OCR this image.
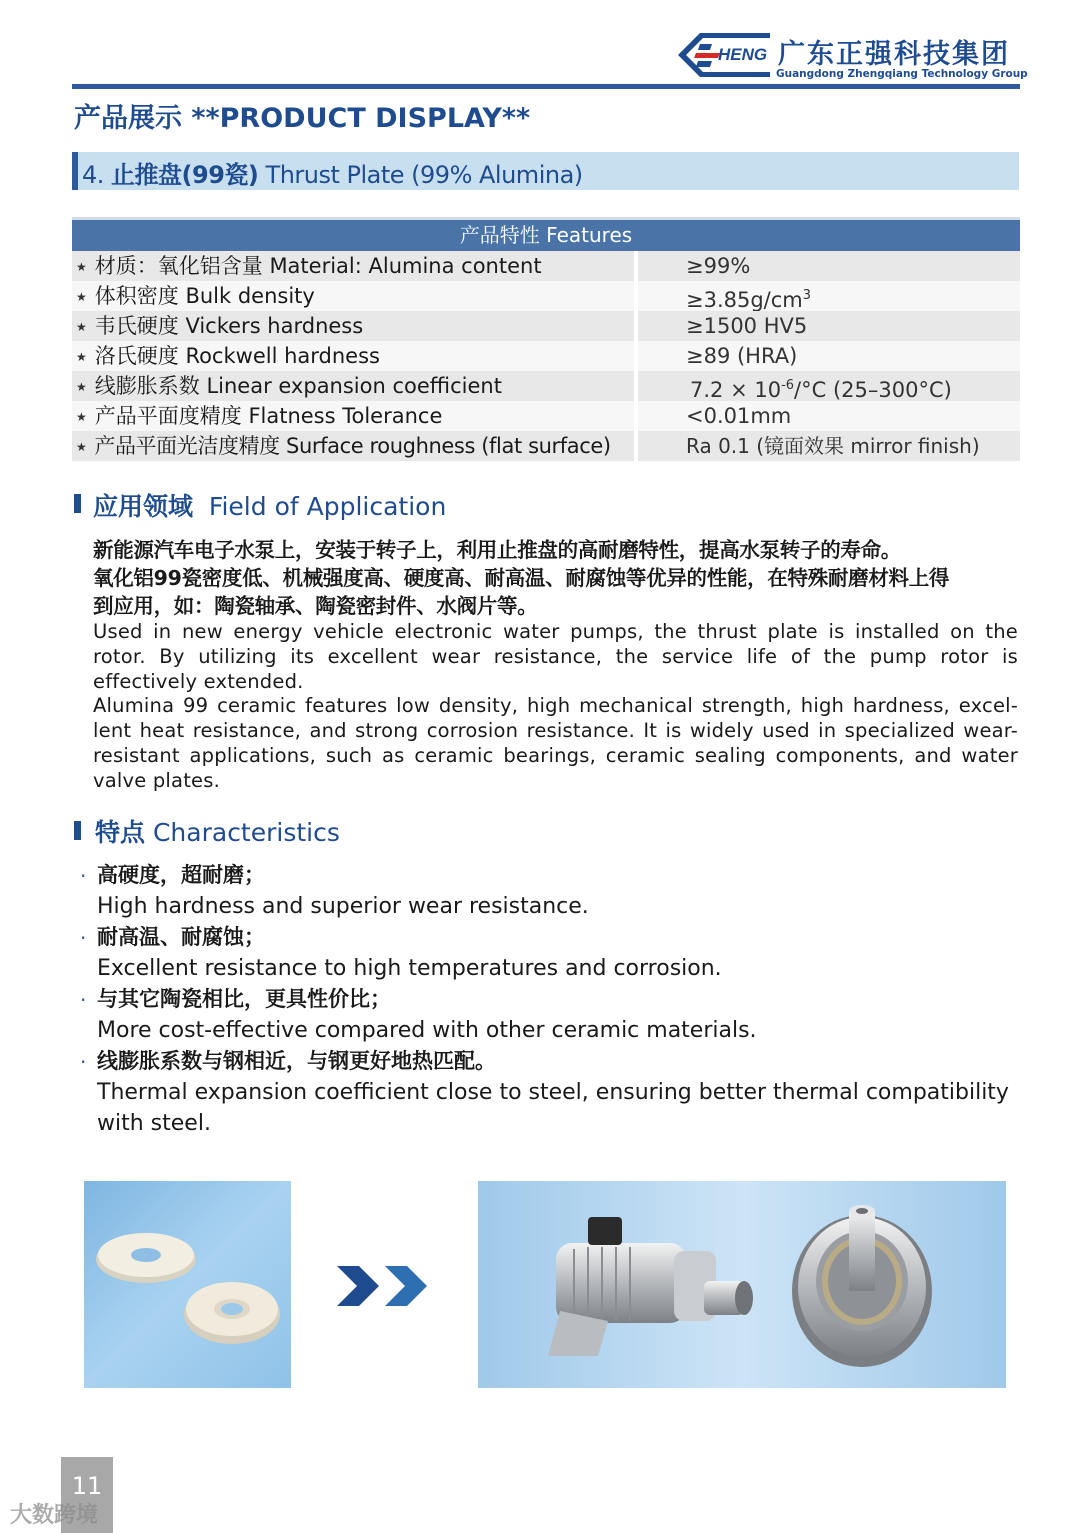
HENG 广东正强科技集团
Guangdong Zhengqiang Technology Group
产品展示 **PRODUCT DISPLAY**
4. 止推盘(99瓷) Thrust Plate (99% Alumina)
产品特性 Features
★ 材质：氧化铝含量 Material: Alumina content	≥99%
★ 体积密度 Bulk density	$\ge 3.85g/cm^3$
★ 韦氏硬度 Vickers hardness	≥1500 HV5
★ 洛氏硬度 Rockwell hardness	≥89 (HRA)
★ 线膨胀系数 Linear expansion coefficient	$7.2 \times 10^{-6}/^\circ C$ (25–300°C)
★ 产品平面度精度 Flatness Tolerance	<0.01mm
★ 产品平面光洁度精度 Surface roughness (flat surface)	Ra 0.1 (镜面效果 mirror finish)
应用领域 Field of Application
新能源汽车电子水泵上，安装于转子上，利用止推盘的高耐磨特性，提高水泵转子的寿命。
氧化铝99瓷密度低、机械强度高、硬度高、耐高温、耐腐蚀等优异的性能，在特殊耐磨材料上得
到应用，如：陶瓷轴承、陶瓷密封件、水阀片等。
Used in new energy vehicle electronic water pumps, the thrust plate is installed on the rotor. By utilizing its excellent wear resistance, the service life of the pump rotor is effectively extended.
Alumina 99 ceramic features low density, high mechanical strength, high hardness, excel-lent heat resistance, and strong corrosion resistance. It is widely used in specialized wear-resistant applications, such as ceramic bearings, ceramic sealing components, and water valve plates.
特点 Characteristics
· 高硬度，超耐磨；
High hardness and superior wear resistance.
· 耐高温、耐腐蚀；
Excellent resistance to high temperatures and corrosion.
· 与其它陶瓷相比，更具性价比；
More cost-effective compared with other ceramic materials.
· 线膨胀系数与钢相近，与钢更好地热匹配。
Thermal expansion coefficient close to steel, ensuring better thermal compatibility with steel.
11
大数跨境
